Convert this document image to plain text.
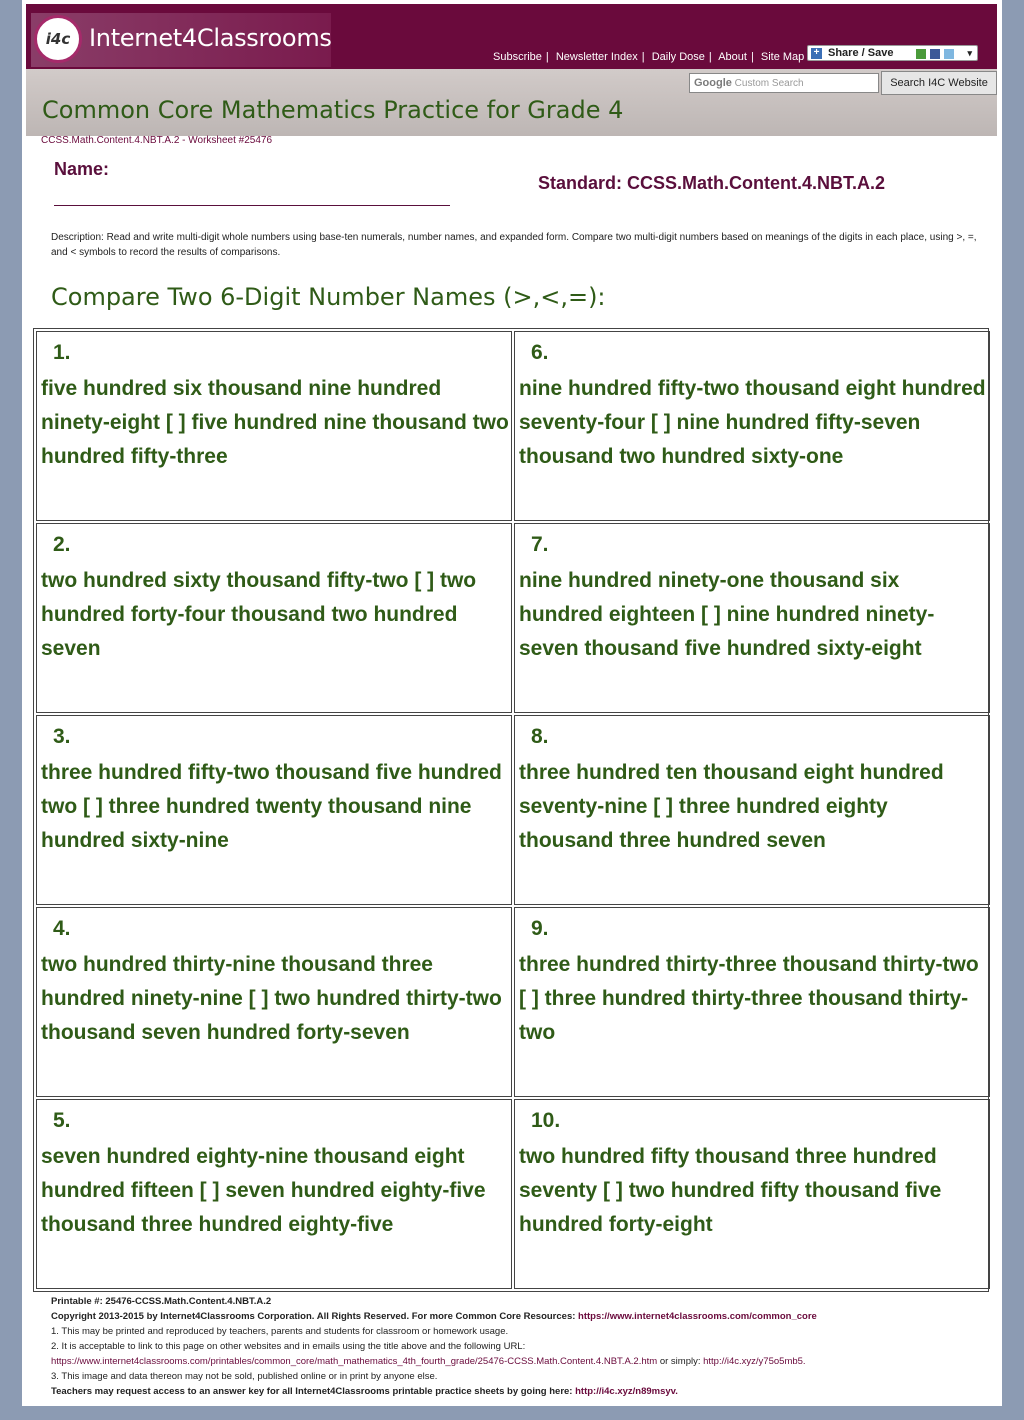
i4c Internet4Classrooms
Subscribe | Newsletter Index | Daily Dose | About | Site Map + Share / Save	▾
Google Custom Search	Search I4C Website
Common Core Mathematics Practice for Grade 4
CCSS.Math.Content.4.NBT.A.2 - Worksheet #25476
Name:
Standard: CCSS.Math.Content.4.NBT.A.2
Description: Read and write multi-digit whole numbers using base-ten numerals, number names, and expanded form. Compare two multi-digit numbers based on meanings of the digits in each place, using >, =, and < symbols to record the results of comparisons.
Compare Two 6-Digit Number Names (>,<,=):
1.
five hundred six thousand nine hundred ninety-eight [ ] five hundred nine thousand two hundred fifty-three
6.
nine hundred fifty-two thousand eight hundred seventy-four [ ] nine hundred fifty-seven thousand two hundred sixty-one
2.
two hundred sixty thousand fifty-two [ ] two hundred forty-four thousand two hundred seven
7.
nine hundred ninety-one thousand six hundred eighteen [ ] nine hundred ninety-seven thousand five hundred sixty-eight
3.
three hundred fifty-two thousand five hundred two [ ] three hundred twenty thousand nine hundred sixty-nine
8.
three hundred ten thousand eight hundred seventy-nine [ ] three hundred eighty thousand three hundred seven
4.
two hundred thirty-nine thousand three hundred ninety-nine [ ] two hundred thirty-two thousand seven hundred forty-seven
9.
three hundred thirty-three thousand thirty-two [ ] three hundred thirty-three thousand thirty-two
5.
seven hundred eighty-nine thousand eight hundred fifteen [ ] seven hundred eighty-five thousand three hundred eighty-five
10.
two hundred fifty thousand three hundred seventy [ ] two hundred fifty thousand five hundred forty-eight
Printable #: 25476-CCSS.Math.Content.4.NBT.A.2
Copyright 2013-2015 by Internet4Classrooms Corporation. All Rights Reserved. For more Common Core Resources: https://www.internet4classrooms.com/common_core
1. This may be printed and reproduced by teachers, parents and students for classroom or homework usage.
2. It is acceptable to link to this page on other websites and in emails using the title above and the following URL:
https://www.internet4classrooms.com/printables/common_core/math_mathematics_4th_fourth_grade/25476-CCSS.Math.Content.4.NBT.A.2.htm or simply: http://i4c.xyz/y75o5mb5.
3. This image and data thereon may not be sold, published online or in print by anyone else.
Teachers may request access to an answer key for all Internet4Classrooms printable practice sheets by going here: http://i4c.xyz/n89msyv.
